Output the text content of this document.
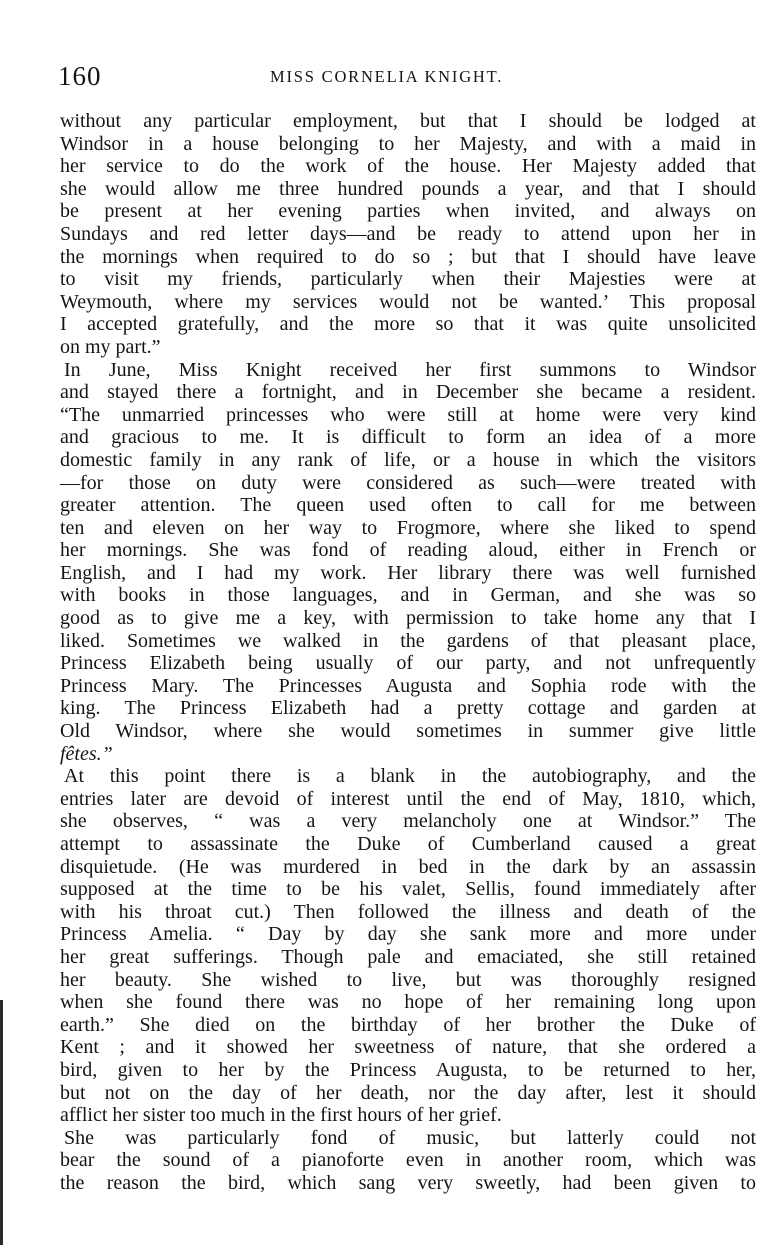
160	MISS CORNELIA KNIGHT.
without any particular employment, but that I should be lodged at
Windsor in a house belonging to her Majesty, and with a maid in
her service to do the work of the house. Her Majesty added that
she would allow me three hundred pounds a year, and that I should
be present at her evening parties when invited, and always on
Sundays and red letter days—and be ready to attend upon her in
the mornings when required to do so ; but that I should have leave
to visit my friends, particularly when their Majesties were at
Weymouth, where my services would not be wanted.’ This proposal
I accepted gratefully, and the more so that it was quite unsolicited
on my part.”
In June, Miss Knight received her first summons to Windsor
and stayed there a fortnight, and in December she became a resident.
“The unmarried princesses who were still at home were very kind
and gracious to me. It is difficult to form an idea of a more
domestic family in any rank of life, or a house in which the visitors
—for those on duty were considered as such—were treated with
greater attention. The queen used often to call for me between
ten and eleven on her way to Frogmore, where she liked to spend
her mornings. She was fond of reading aloud, either in French or
English, and I had my work. Her library there was well furnished
with books in those languages, and in German, and she was so
good as to give me a key, with permission to take home any that I
liked. Sometimes we walked in the gardens of that pleasant place,
Princess Elizabeth being usually of our party, and not unfrequently
Princess Mary. The Princesses Augusta and Sophia rode with the
king. The Princess Elizabeth had a pretty cottage and garden at
Old Windsor, where she would sometimes in summer give little
fêtes.”
At this point there is a blank in the autobiography, and the
entries later are devoid of interest until the end of May, 1810, which,
she observes, “ was a very melancholy one at Windsor.” The
attempt to assassinate the Duke of Cumberland caused a great
disquietude. (He was murdered in bed in the dark by an assassin
supposed at the time to be his valet, Sellis, found immediately after
with his throat cut.) Then followed the illness and death of the
Princess Amelia. “ Day by day she sank more and more under
her great sufferings. Though pale and emaciated, she still retained
her beauty. She wished to live, but was thoroughly resigned
when she found there was no hope of her remaining long upon
earth.” She died on the birthday of her brother the Duke of
Kent ; and it showed her sweetness of nature, that she ordered a
bird, given to her by the Princess Augusta, to be returned to her,
but not on the day of her death, nor the day after, lest it should
afflict her sister too much in the first hours of her grief.
She was particularly fond of music, but latterly could not
bear the sound of a pianoforte even in another room, which was
the reason the bird, which sang very sweetly, had been given to
